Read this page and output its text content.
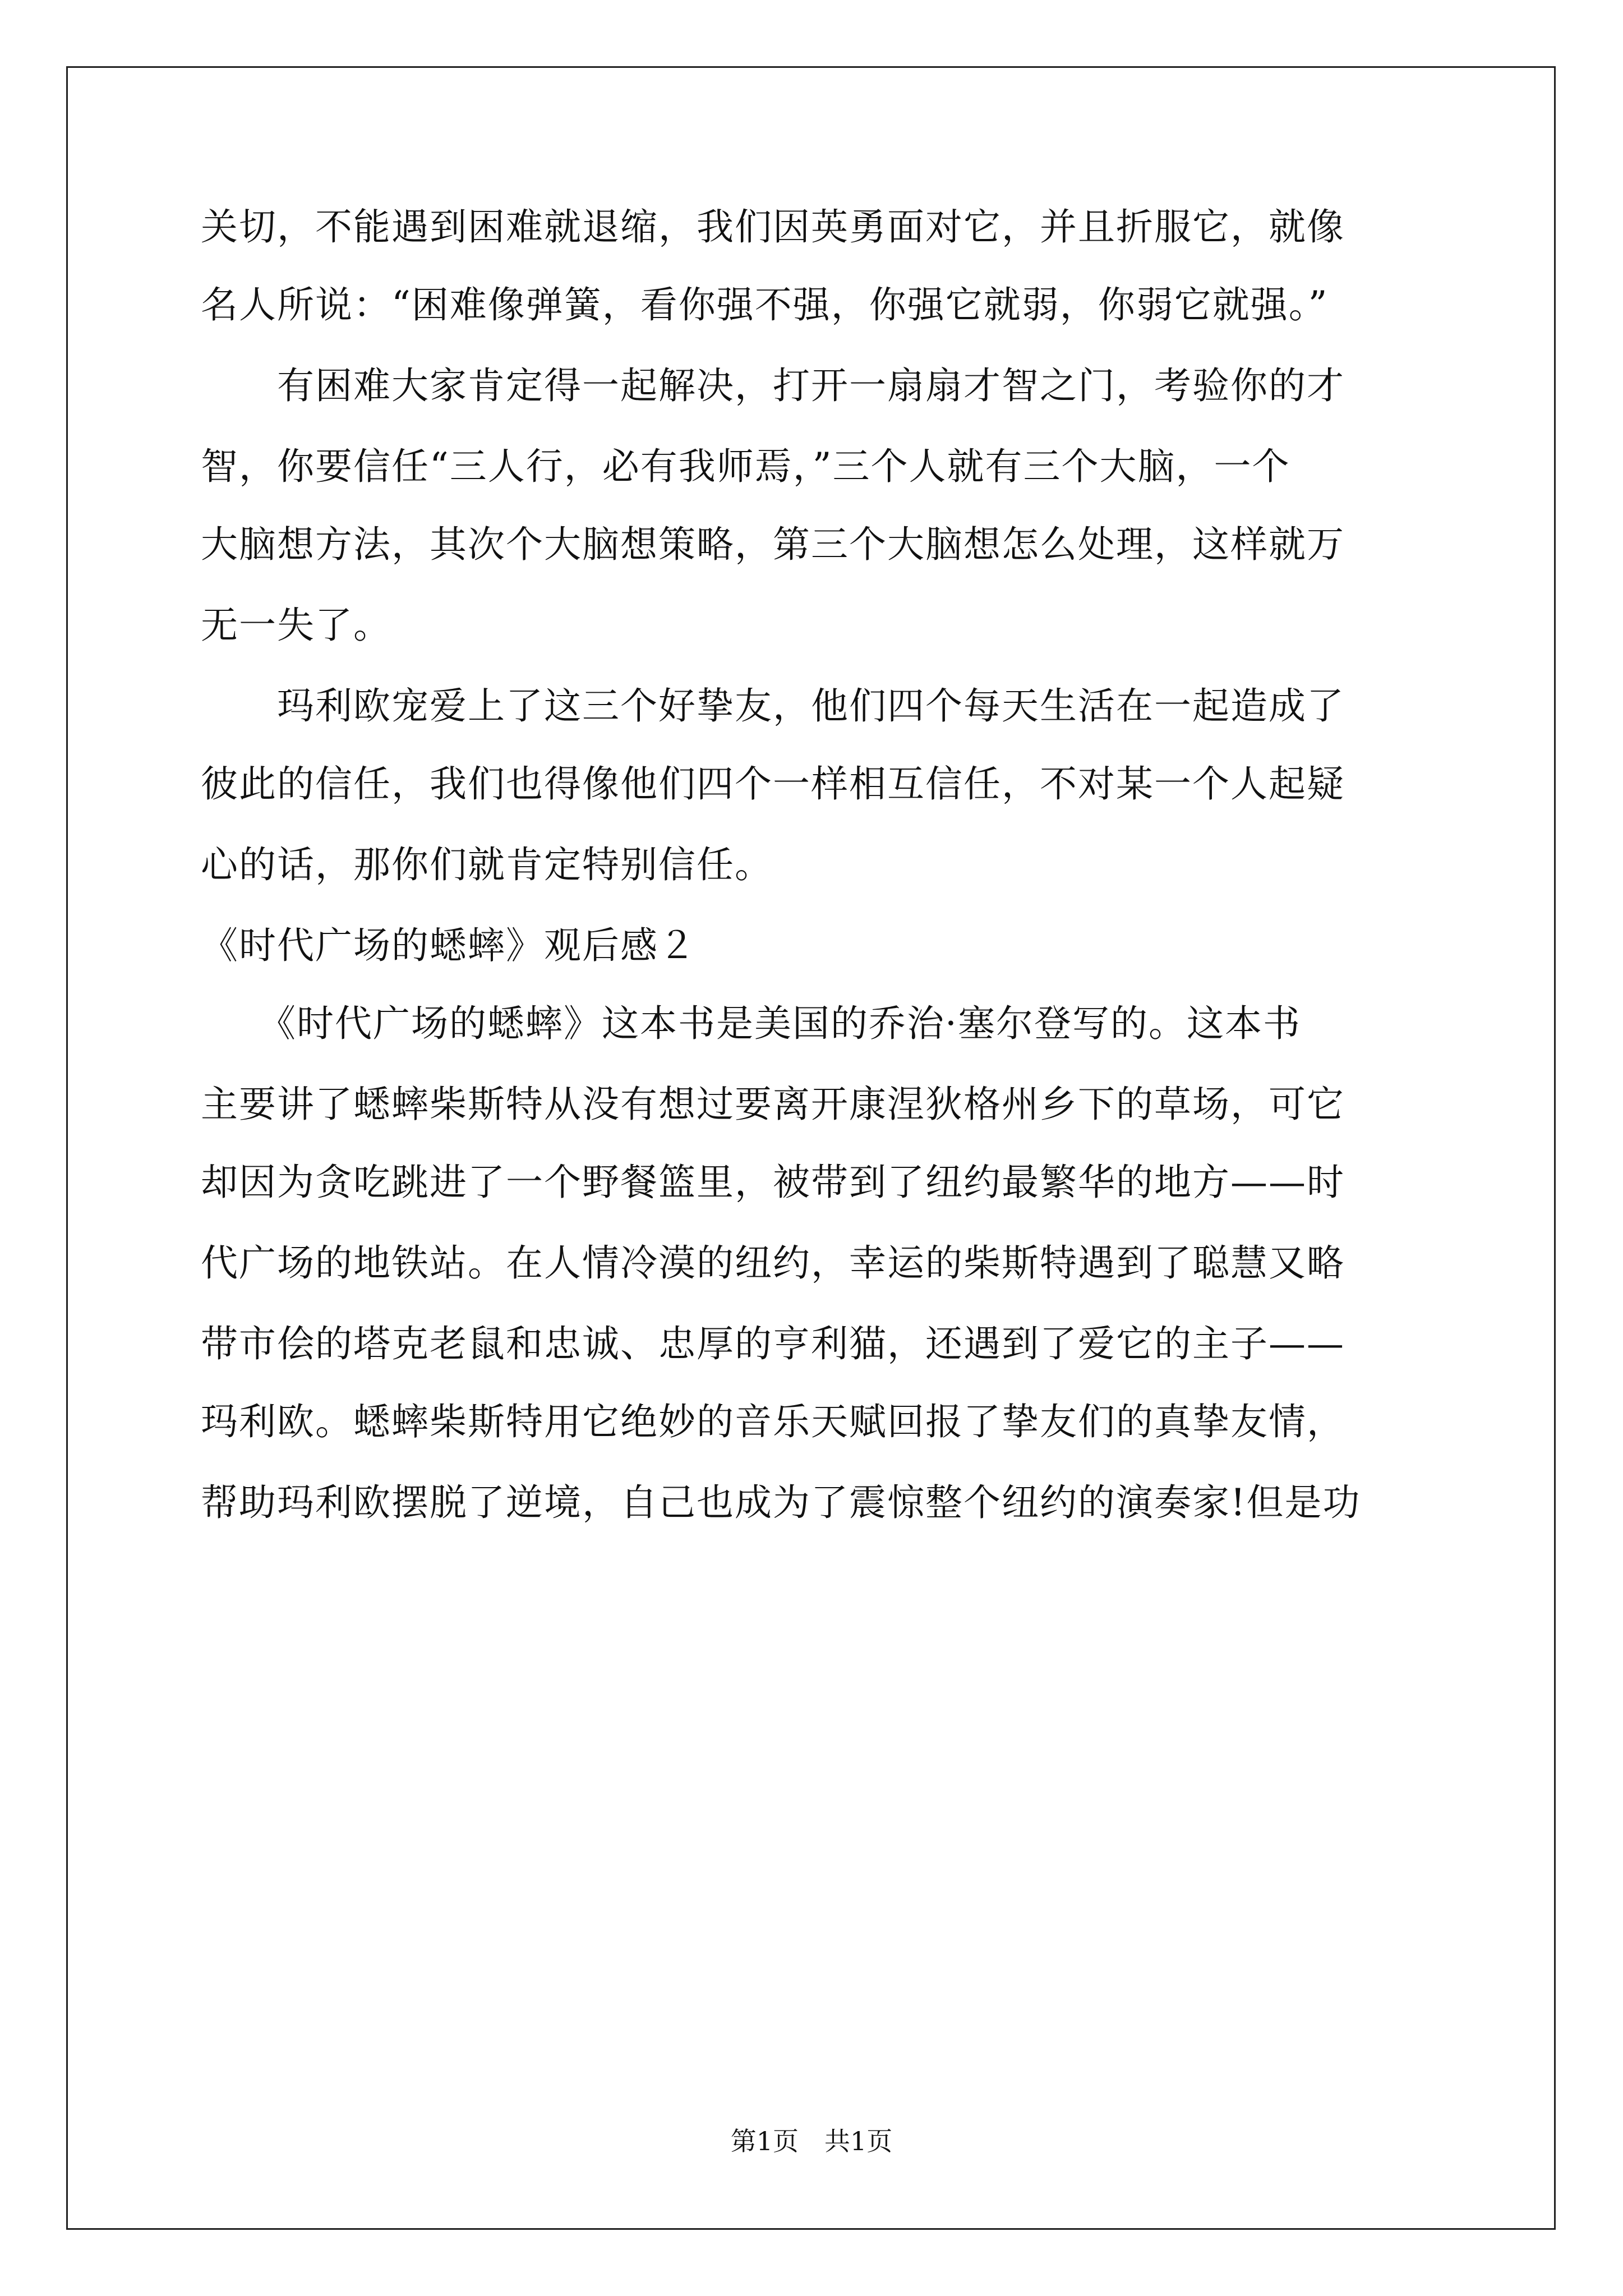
关切，不能遇到困难就退缩，我们因英勇面对它，并且折服它，就像
名人所说：“困难像弹簧，看你强不强，你强它就弱，你弱它就强。”
　　有困难大家肯定得一起解决，打开一扇扇才智之门，考验你的才
智，你要信任“三人行，必有我师焉，”三个人就有三个大脑，一个
大脑想方法，其次个大脑想策略，第三个大脑想怎么处理，这样就万
无一失了。
　　玛利欧宠爱上了这三个好挚友，他们四个每天生活在一起造成了
彼此的信任，我们也得像他们四个一样相互信任，不对某一个人起疑
心的话，那你们就肯定特别信任。
《时代广场的蟋蟀》观后感２
　　《时代广场的蟋蟀》这本书是美国的乔治·塞尔登写的。这本书
主要讲了蟋蟀柴斯特从没有想过要离开康涅狄格州乡下的草场，可它
却因为贪吃跳进了一个野餐篮里，被带到了纽约最繁华的地方——时
代广场的地铁站。在人情冷漠的纽约，幸运的柴斯特遇到了聪慧又略
带市侩的塔克老鼠和忠诚、忠厚的亨利猫，还遇到了爱它的主子——
玛利欧。蟋蟀柴斯特用它绝妙的音乐天赋回报了挚友们的真挚友情，
帮助玛利欧摆脱了逆境，自己也成为了震惊整个纽约的演奏家!但是功
第1页　共1页
